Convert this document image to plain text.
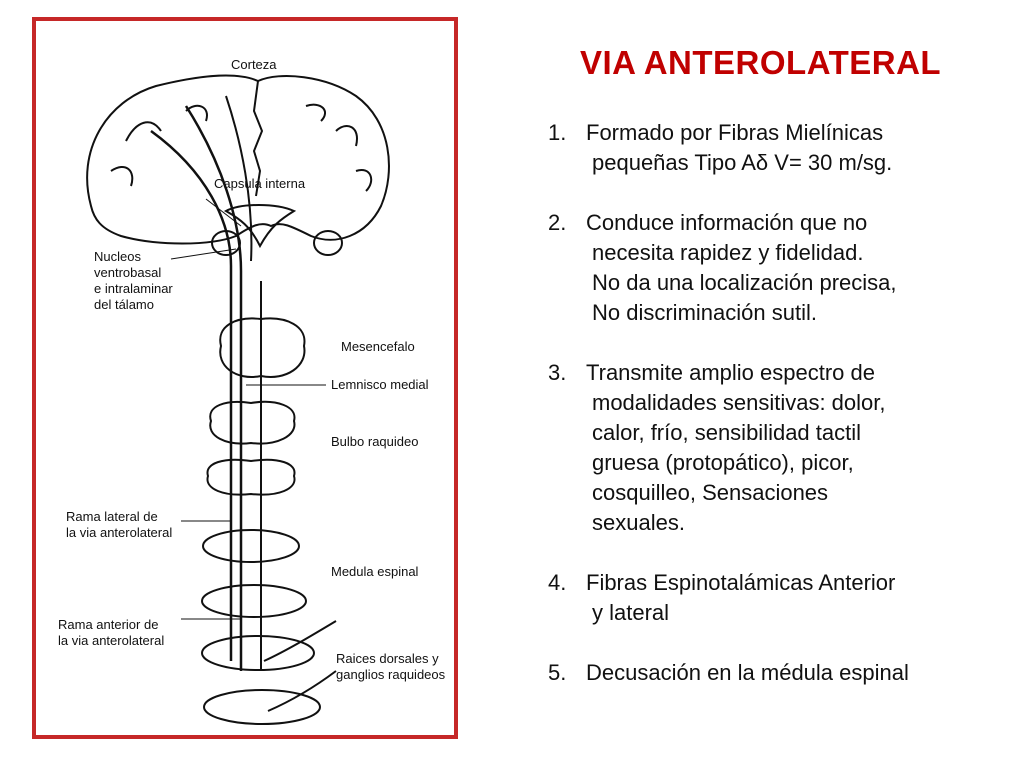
Corteza
Capsula interna
Nucleos
ventrobasal
e intralaminar
del tálamo
Mesencefalo
Lemnisco medial
Bulbo raquideo
Rama lateral de
la via anterolateral
Medula espinal
Rama anterior de
la via anterolateral
Raices dorsales y
ganglios raquideos
VIA ANTEROLATERAL
1. Formado por Fibras Mielínicas
pequeñas Tipo Aδ V= 30 m/sg.
2. Conduce información que no
necesita rapidez y fidelidad.
No da una localización precisa,
No discriminación sutil.
3. Transmite amplio espectro de
modalidades sensitivas: dolor,
calor, frío, sensibilidad tactil
gruesa (protopático), picor,
cosquilleo, Sensaciones
sexuales.
4. Fibras Espinotalámicas Anterior
y lateral
5. Decusación en la médula espinal
